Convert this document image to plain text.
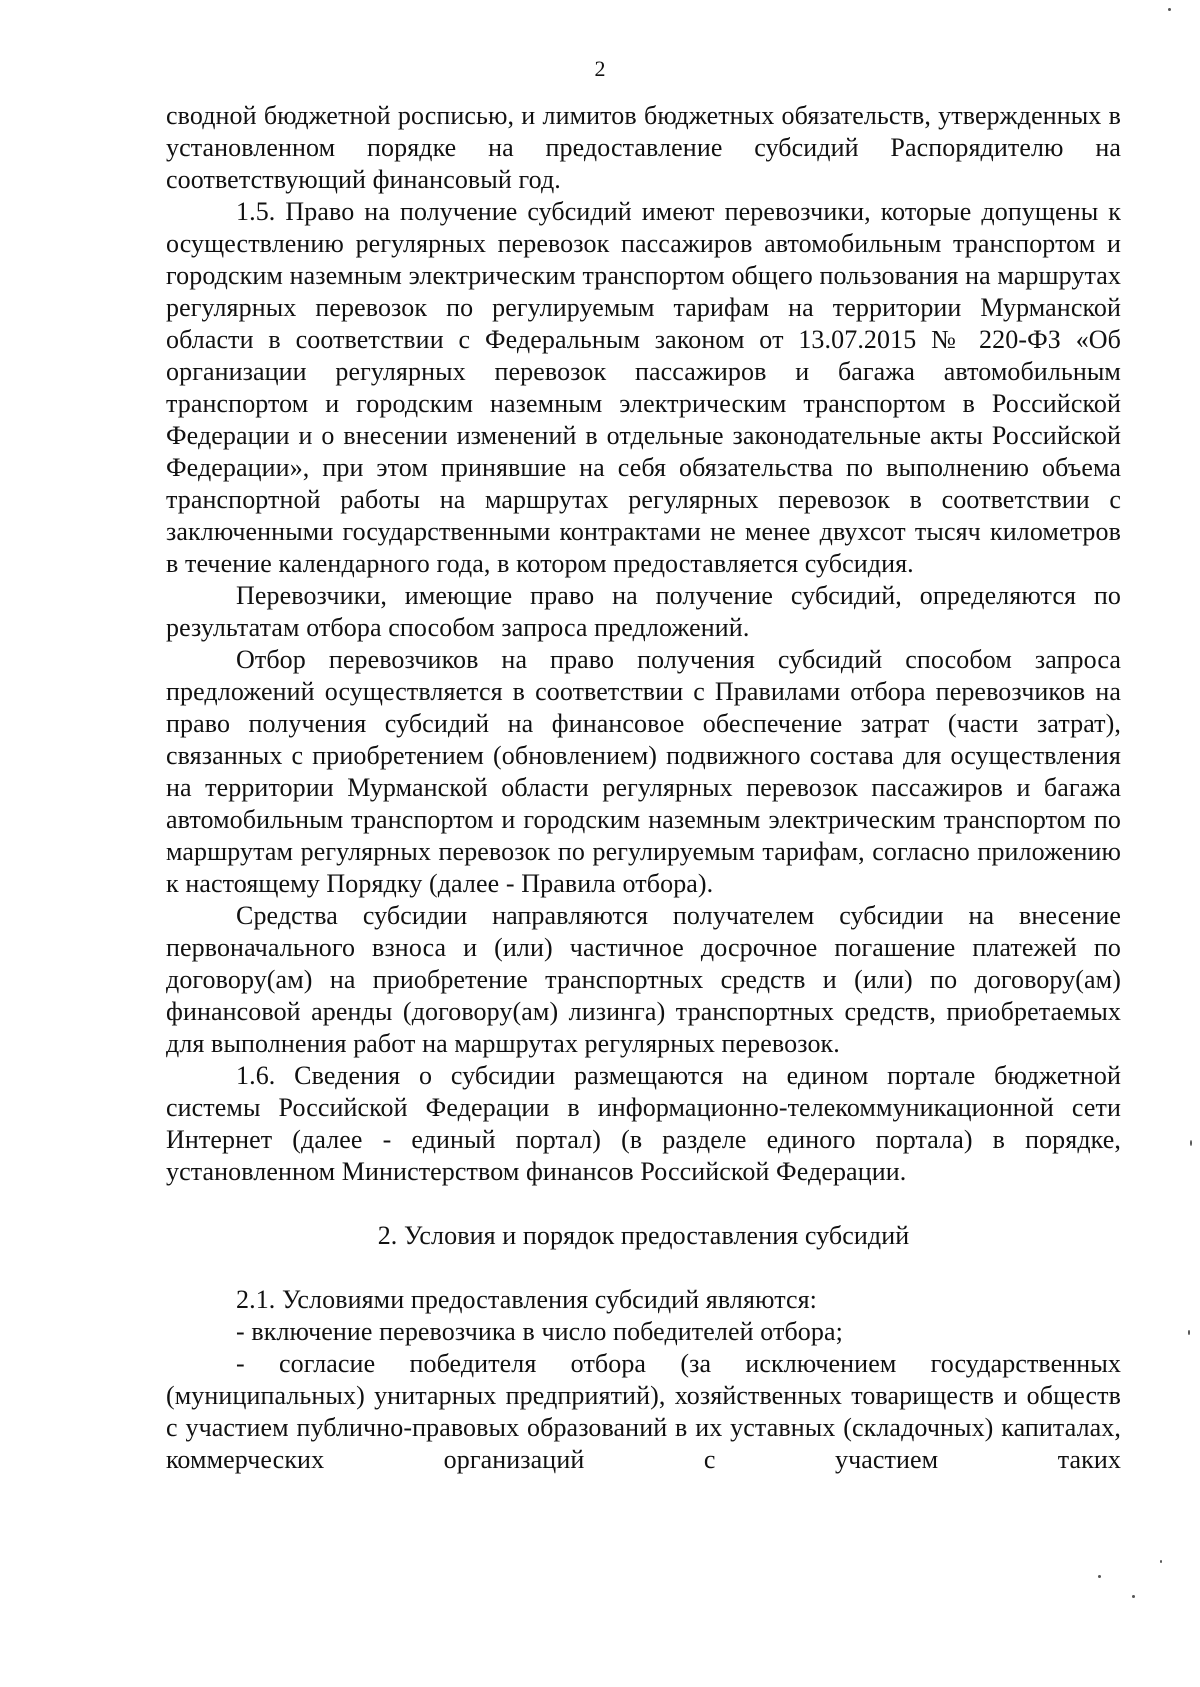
2

сводной бюджетной росписью, и лимитов бюджетных обязательств, утвержденных в установленном порядке на предоставление субсидий Распорядителю на соответствующий финансовый год.

1.5. Право на получение субсидий имеют перевозчики, которые допущены к осуществлению регулярных перевозок пассажиров автомобильным транспортом и городским наземным электрическим транспортом общего пользования на маршрутах регулярных перевозок по регулируемым тарифам на территории Мурманской области в соответствии с Федеральным законом от 13.07.2015 № 220-ФЗ «Об организации регулярных перевозок пассажиров и багажа автомобильным транспортом и городским наземным электрическим транспортом в Российской Федерации и о внесении изменений в отдельные законодательные акты Российской Федерации», при этом принявшие на себя обязательства по выполнению объема транспортной работы на маршрутах регулярных перевозок в соответствии с заключенными государственными контрактами не менее двухсот тысяч километров в течение календарного года, в котором предоставляется субсидия.

Перевозчики, имеющие право на получение субсидий, определяются по результатам отбора способом запроса предложений.

Отбор перевозчиков на право получения субсидий способом запроса предложений осуществляется в соответствии с Правилами отбора перевозчиков на право получения субсидий на финансовое обеспечение затрат (части затрат), связанных с приобретением (обновлением) подвижного состава для осуществления на территории Мурманской области регулярных перевозок пассажиров и багажа автомобильным транспортом и городским наземным электрическим транспортом по маршрутам регулярных перевозок по регулируемым тарифам, согласно приложению к настоящему Порядку (далее - Правила отбора).

Средства субсидии направляются получателем субсидии на внесение первоначального взноса и (или) частичное досрочное погашение платежей по договору(ам) на приобретение транспортных средств и (или) по договору(ам) финансовой аренды (договору(ам) лизинга) транспортных средств, приобретаемых для выполнения работ на маршрутах регулярных перевозок.

1.6. Сведения о субсидии размещаются на едином портале бюджетной системы Российской Федерации в информационно-телекоммуникационной сети Интернет (далее - единый портал) (в разделе единого портала) в порядке, установленном Министерством финансов Российской Федерации.

2. Условия и порядок предоставления субсидий

2.1. Условиями предоставления субсидий являются:

- включение перевозчика в число победителей отбора;

- согласие победителя отбора (за исключением государственных (муниципальных) унитарных предприятий), хозяйственных товариществ и обществ с участием публично-правовых образований в их уставных (складочных) капиталах, коммерческих организаций с участием таких
